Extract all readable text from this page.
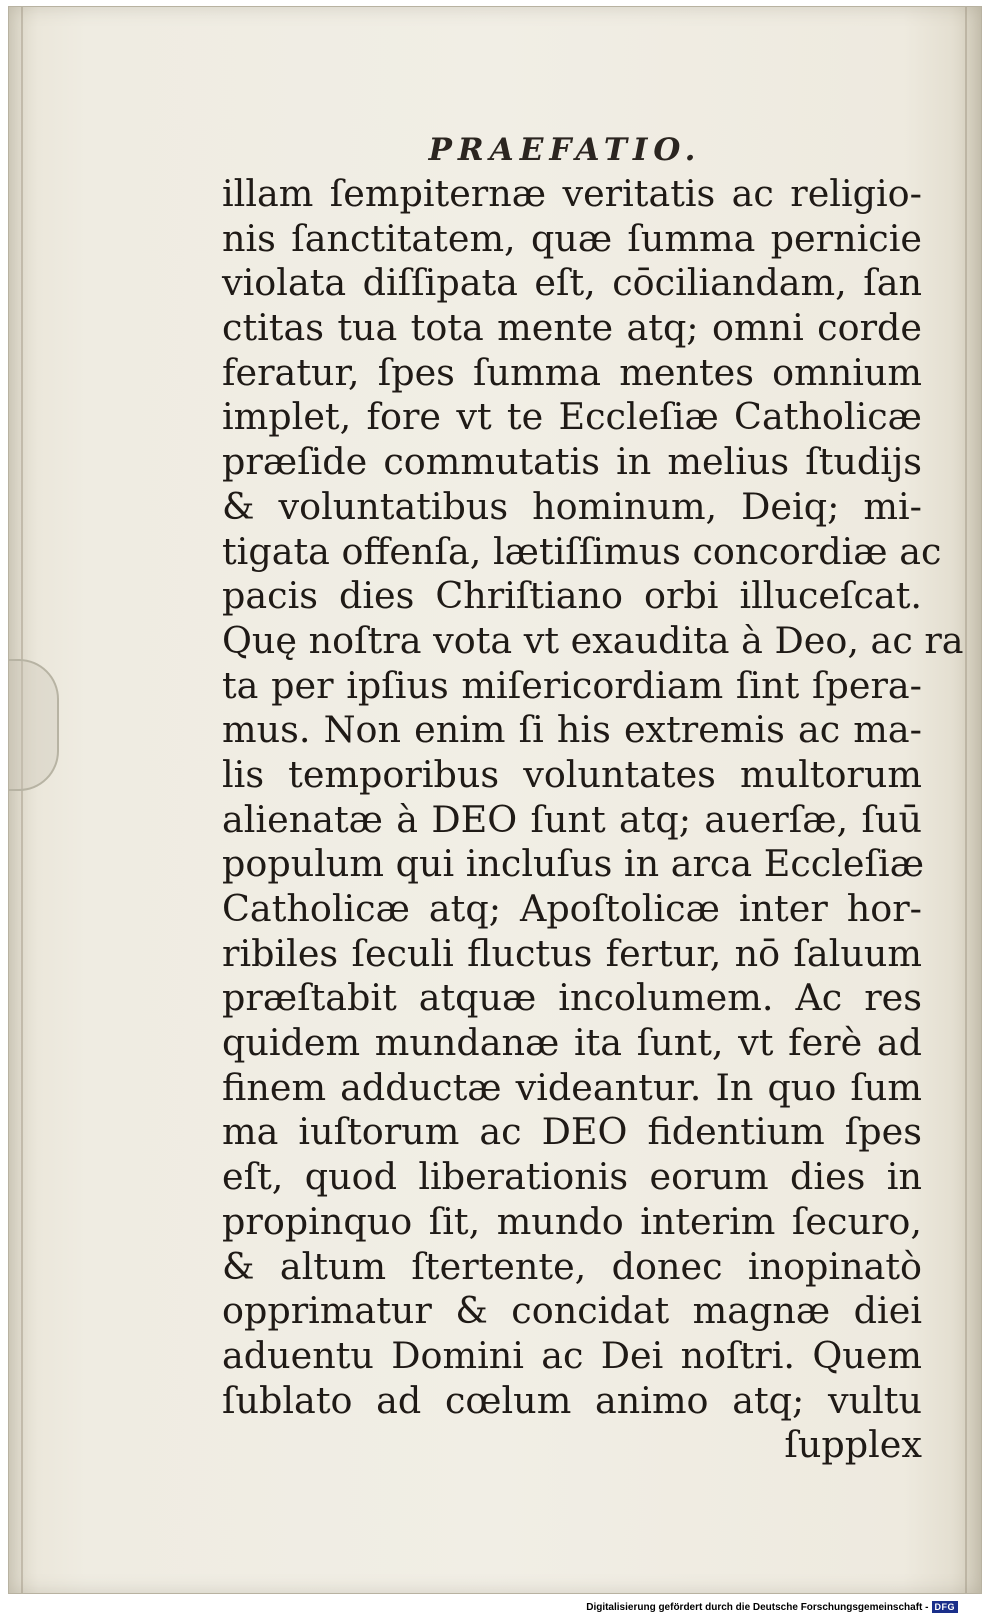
PRAEFATIO.
illam ſempiternæ veritatis ac religio-
nis ſanctitatem, quæ ſumma pernicie
violata diſſipata eſt, cōciliandam, ſan
ctitas tua tota mente atq; omni corde
feratur, ſpes ſumma mentes omnium
implet, fore vt te Eccleſiæ Catholicæ
præſide commutatis in melius ſtudijs
& voluntatibus hominum, Deiq; mi-
tigata offenſa, lætiſſimus concordiæ ac
pacis dies Chriſtiano orbi illuceſcat.
Quę noſtra vota vt exaudita à Deo, ac ra
ta per ipſius miſericordiam ſint ſpera-
mus. Non enim ſi his extremis ac ma-
lis temporibus voluntates multorum
alienatæ à DEO ſunt atq; auerſæ, ſuū
populum qui incluſus in arca Eccleſiæ
Catholicæ atq; Apoſtolicæ inter hor-
ribiles ſeculi fluctus fertur, nō ſaluum
præſtabit atquæ incolumem. Ac res
quidem mundanæ ita ſunt, vt ferè ad
finem adductæ videantur. In quo ſum
ma iuſtorum ac DEO fidentium ſpes
eſt, quod liberationis eorum dies in
propinquo ſit, mundo interim ſecuro,
& altum ſtertente, donec inopinatò
opprimatur & concidat magnæ diei
aduentu Domini ac Dei noſtri. Quem
ſublato ad cœlum animo atq; vultu
ſupplex
Digitalisierung gefördert durch die Deutsche Forschungsgemeinschaft - DFG
